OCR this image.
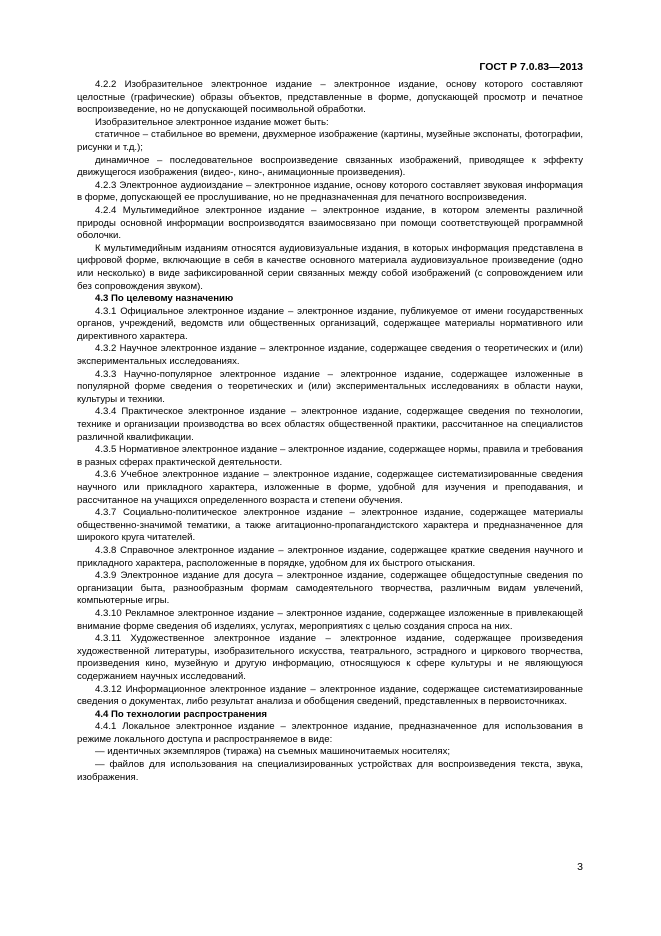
ГОСТ Р 7.0.83—2013

4.2.2 Изобразительное электронное издание – электронное издание, основу которого составляют целостные (графические) образы объектов, представленные в форме, допускающей просмотр и печатное воспроизведение, но не допускающей посимвольной обработки.

Изобразительное электронное издание может быть:

статичное – стабильное во времени, двухмерное изображение (картины, музейные экспонаты, фотографии, рисунки и т.д.);

динамичное – последовательное воспроизведение связанных изображений, приводящее к эффекту движущегося изображения (видео-, кино-, анимационные произведения).

4.2.3 Электронное аудиоиздание – электронное издание, основу которого составляет звуковая информация в форме, допускающей ее прослушивание, но не предназначенная для печатного воспроизведения.

4.2.4 Мультимедийное электронное издание – электронное издание, в котором элементы различной природы основной информации воспроизводятся взаимосвязано при помощи соответствующей программной оболочки.

К мультимедийным изданиям относятся аудиовизуальные издания, в которых информация представлена в цифровой форме, включающие в себя в качестве основного материала аудиовизуальное произведение (одно или несколько) в виде зафиксированной серии связанных между собой изображений (с сопровождением или без сопровождения звуком).

4.3 По целевому назначению

4.3.1 Официальное электронное издание – электронное издание, публикуемое от имени государственных органов, учреждений, ведомств или общественных организаций, содержащее материалы нормативного или директивного характера.

4.3.2 Научное электронное издание – электронное издание, содержащее сведения о теоретических и (или) экспериментальных исследованиях.

4.3.3 Научно-популярное электронное издание – электронное издание, содержащее изложенные в популярной форме сведения о теоретических и (или) экспериментальных исследованиях в области науки, культуры и техники.

4.3.4 Практическое электронное издание – электронное издание, содержащее сведения по технологии, технике и организации производства во всех областях общественной практики, рассчитанное на специалистов различной квалификации.

4.3.5 Нормативное электронное издание – электронное издание, содержащее нормы, правила и требования в разных сферах практической деятельности.

4.3.6 Учебное электронное издание – электронное издание, содержащее систематизированные сведения научного или прикладного характера, изложенные в форме, удобной для изучения и преподавания, и рассчитанное на учащихся определенного возраста и степени обучения.

4.3.7 Социально-политическое электронное издание – электронное издание, содержащее материалы общественно-значимой тематики, а также агитационно-пропагандистского характера и предназначенное для широкого круга читателей.

4.3.8 Справочное электронное издание – электронное издание, содержащее краткие сведения научного и прикладного характера, расположенные в порядке, удобном для их быстрого отыскания.

4.3.9 Электронное издание для досуга – электронное издание, содержащее общедоступные сведения по организации быта, разнообразным формам самодеятельного творчества, различным видам увлечений, компьютерные игры.

4.3.10 Рекламное электронное издание – электронное издание, содержащее изложенные в привлекающей внимание форме сведения об изделиях, услугах, мероприятиях с целью создания спроса на них.

4.3.11 Художественное электронное издание – электронное издание, содержащее произведения художественной литературы, изобразительного искусства, театрального, эстрадного и циркового творчества, произведения кино, музейную и другую информацию, относящуюся к сфере культуры и не являющуюся содержанием научных исследований.

4.3.12 Информационное электронное издание – электронное издание, содержащее систематизированные сведения о документах, либо результат анализа и обобщения сведений, представленных в первоисточниках.

4.4 По технологии распространения

4.4.1 Локальное электронное издание – электронное издание, предназначенное для использования в режиме локального доступа и распространяемое в виде:

— идентичных экземпляров (тиража) на съемных машиночитаемых носителях;

— файлов для использования на специализированных устройствах для воспроизведения текста, звука, изображения.

3
